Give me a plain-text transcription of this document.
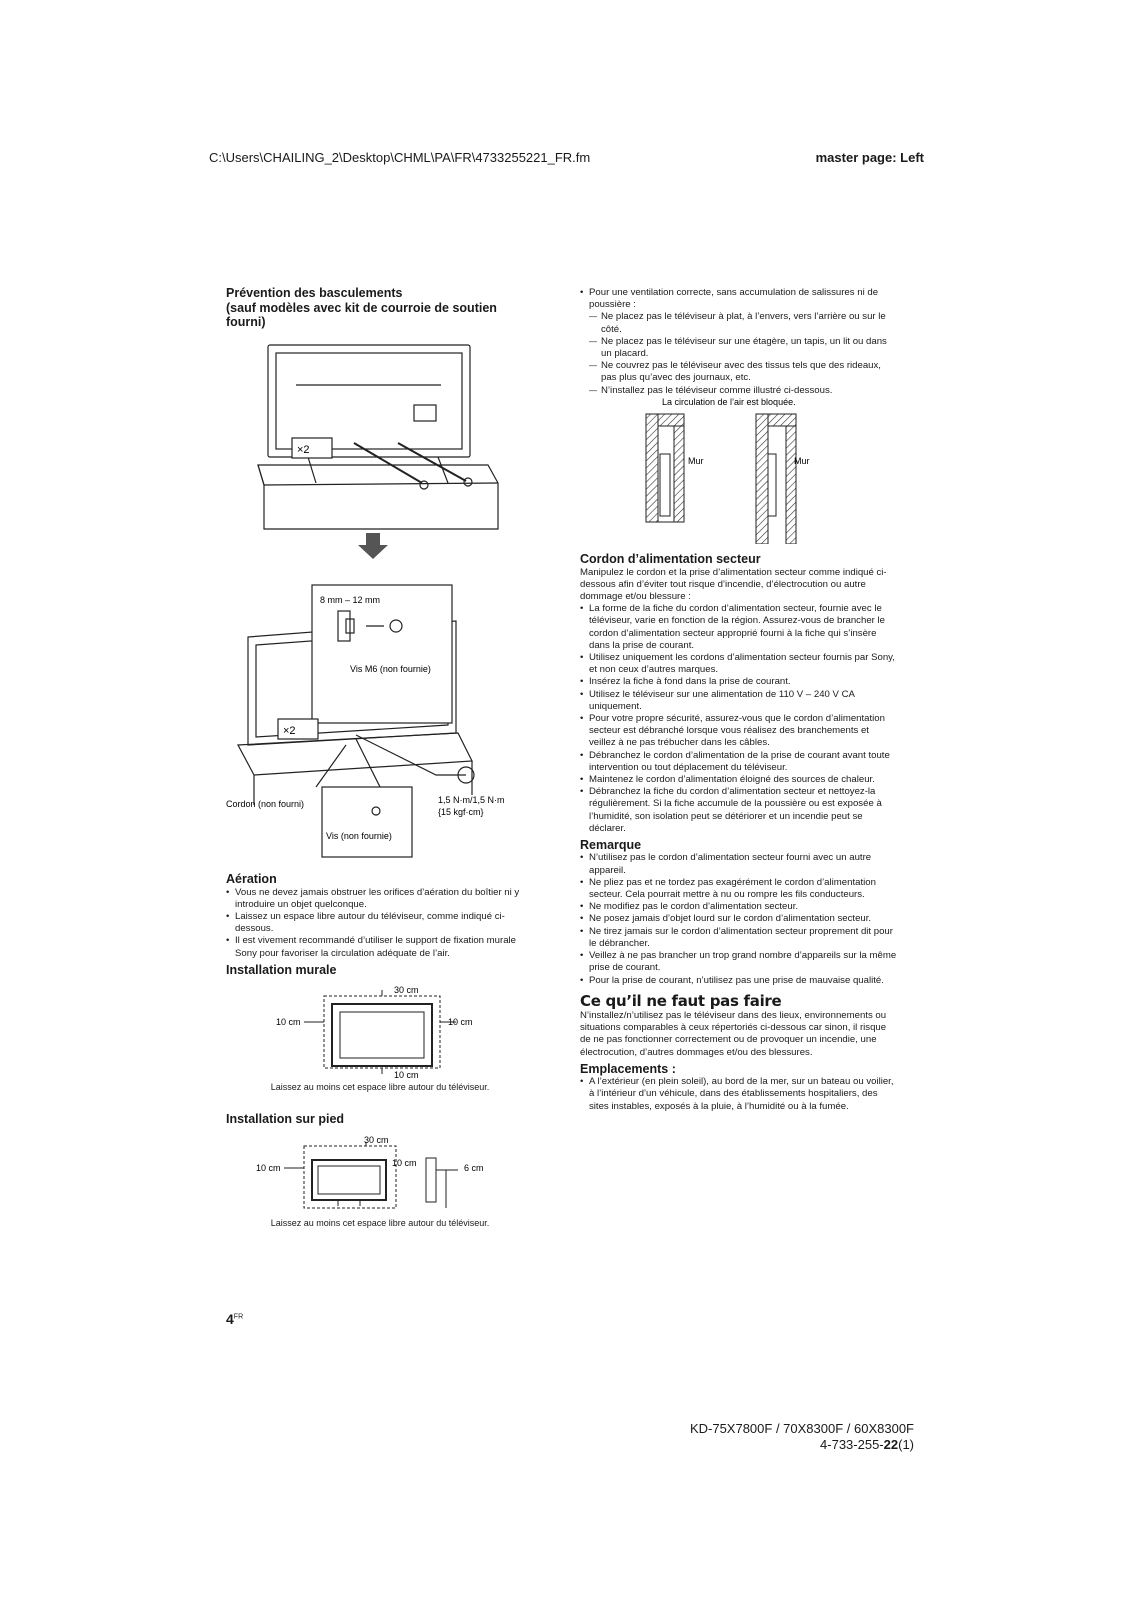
C:\Users\CHAILING_2\Desktop\CHML\PA\FR\4733255221_FR.fm	master page: Left
Prévention des basculements
(sauf modèles avec kit de courroie de soutien fourni)
×2
8 mm – 12 mm
Vis M6 (non fournie)
×2
Cordon (non fourni)	1,5 N·m/1,5 N·m
{15 kgf·cm}
Vis (non fournie)
Aération
• Vous ne devez jamais obstruer les orifices d’aération du boîtier ni y introduire un objet quelconque.
• Laissez un espace libre autour du téléviseur, comme indiqué ci-dessous.
• Il est vivement recommandé d’utiliser le support de fixation murale Sony pour favoriser la circulation adéquate de l’air.
Installation murale
30 cm
10 cm	10 cm
10 cm
Laissez au moins cet espace libre autour du téléviseur.
Installation sur pied
30 cm
10 cm	10 cm	6 cm
Laissez au moins cet espace libre autour du téléviseur.
• Pour une ventilation correcte, sans accumulation de salissures ni de poussière :
— Ne placez pas le téléviseur à plat, à l’envers, vers l’arrière ou sur le côté.
— Ne placez pas le téléviseur sur une étagère, un tapis, un lit ou dans un placard.
— Ne couvrez pas le téléviseur avec des tissus tels que des rideaux, pas plus qu’avec des journaux, etc.
— N’installez pas le téléviseur comme illustré ci-dessous.
La circulation de l’air est bloquée.
Mur	Mur
Cordon d’alimentation secteur

Manipulez le cordon et la prise d’alimentation secteur comme indiqué ci-dessous afin d’éviter tout risque d’incendie, d’électrocution ou autre dommage et/ou blessure :

• La forme de la fiche du cordon d’alimentation secteur, fournie avec le téléviseur, varie en fonction de la région. Assurez-vous de brancher le cordon d’alimentation secteur approprié fourni à la fiche qui s’insère dans la prise de courant.
• Utilisez uniquement les cordons d’alimentation secteur fournis par Sony, et non ceux d’autres marques.
• Insérez la fiche à fond dans la prise de courant.
• Utilisez le téléviseur sur une alimentation de 110 V – 240 V CA uniquement.
• Pour votre propre sécurité, assurez-vous que le cordon d’alimentation secteur est débranché lorsque vous réalisez des branchements et veillez à ne pas trébucher dans les câbles.
• Débranchez le cordon d’alimentation de la prise de courant avant toute intervention ou tout déplacement du téléviseur.
• Maintenez le cordon d’alimentation éloigné des sources de chaleur.
• Débranchez la fiche du cordon d’alimentation secteur et nettoyez-la régulièrement. Si la fiche accumule de la poussière ou est exposée à l’humidité, son isolation peut se détériorer et un incendie peut se déclarer.
Remarque
• N’utilisez pas le cordon d’alimentation secteur fourni avec un autre appareil.
• Ne pliez pas et ne tordez pas exagérément le cordon d’alimentation secteur. Cela pourrait mettre à nu ou rompre les fils conducteurs.
• Ne modifiez pas le cordon d’alimentation secteur.
• Ne posez jamais d’objet lourd sur le cordon d’alimentation secteur.
• Ne tirez jamais sur le cordon d’alimentation secteur proprement dit pour le débrancher.
• Veillez à ne pas brancher un trop grand nombre d’appareils sur la même prise de courant.
• Pour la prise de courant, n’utilisez pas une prise de mauvaise qualité.
Ce qu’il ne faut pas faire

N’installez/n’utilisez pas le téléviseur dans des lieux, environnements ou situations comparables à ceux répertoriés ci-dessous car sinon, il risque de ne pas fonctionner correctement ou de provoquer un incendie, une électrocution, d’autres dommages et/ou des blessures.

Emplacements :
• A l’extérieur (en plein soleil), au bord de la mer, sur un bateau ou voilier, à l’intérieur d’un véhicule, dans des établissements hospitaliers, des sites instables, exposés à la pluie, à l’humidité ou à la fumée.
$4^{FR}$
KD-75X7800F / 70X8300F / 60X8300F
4-733-255-22(1)
